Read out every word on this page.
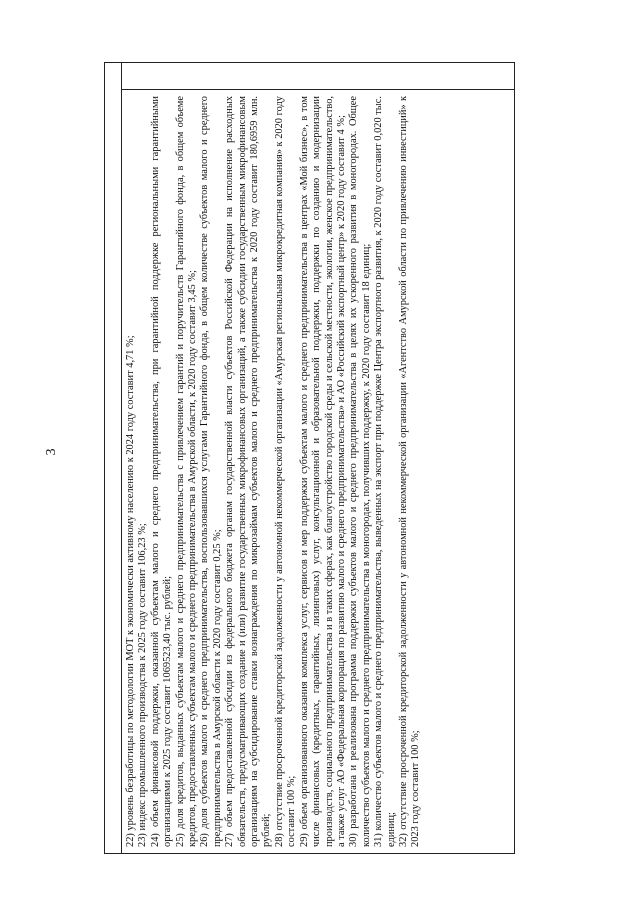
3	22) уровень безработицы по методологии МОТ к экономически активному населению к 2024 году составит 4,71 %; 23) индекс промышленного производства к 2025 году составит 106,23 %; 24) объем финансовой поддержки, оказанной субъектам малого и среднего предпринимательства, при гарантийной поддержке региональными гарантийными организациями к 2025 году составит 1069523,40 тыс. рублей; 25) доля кредитов, выданных субъектам малого и среднего предпринимательства с привлечением гарантий и поручительств Гарантийного фонда, в общем объеме кредитов, предоставленных субъектам малого и среднего предпринимательства в Амурской области, к 2020 году составит 3,45 %; 26) доля субъектов малого и среднего предпринимательства, воспользовавшихся услугами Гарантийного фонда, в общем количестве субъектов малого и среднего предпринимательства в Амурской области к 2020 году составит 0,25 %; 27) объем предоставленной субсидии из федерального бюджета органам государственной власти субъектов Российской Федерации на исполнение расходных обязательств, предусматривающих создание и (или) развитие государственных микрофинансовых организаций, а также субсидии государственным микрофинансовым организациям на субсидирование ставки вознаграждения по микрозаймам субъектов малого и среднего предпринимательства к 2020 году составит 180,6959 млн. рублей; 28) отсутствие просроченной кредиторской задолженности у автономной некоммерческой организации «Амурская региональная микрокредитная компания» к 2020 году составит 100 %; 29) объем организованного оказания комплекса услуг, сервисов и мер поддержки субъектам малого и среднего предпринимательства в центрах «Мой бизнес», в том числе финансовых (кредитных, гарантийных, лизинговых) услуг, консультационной и образовательной поддержки, поддержки по созданию и модернизации производств, социального предпринимательства и в таких сферах, как благоустройство городской среды и сельской местности, экологии, женское предпринимательство, а также услуг АО «Федеральная корпорация по развитию малого и среднего предпринимательства» и АО «Российский экспортный центр» к 2020 году составит 4 %; 30) разработана и реализована программа поддержки субъектов малого и среднего предпринимательства в целях их ускоренного развития в моногородах. Общее количество субъектов малого и среднего предпринимательства в моногородах, получивших поддержку, к 2020 году составит 18 единиц; 31) количество субъектов малого и среднего предпринимательства, выведенных на экспорт при поддержке Центра экспортного развития, к 2020 году составит 0,020 тыс. единиц; 32) отсутствие просроченной кредиторской задолженности у автономной некоммерческой организации «Агентство Амурской области по привлечению инвестиций» к 2023 году составит 100 %;
